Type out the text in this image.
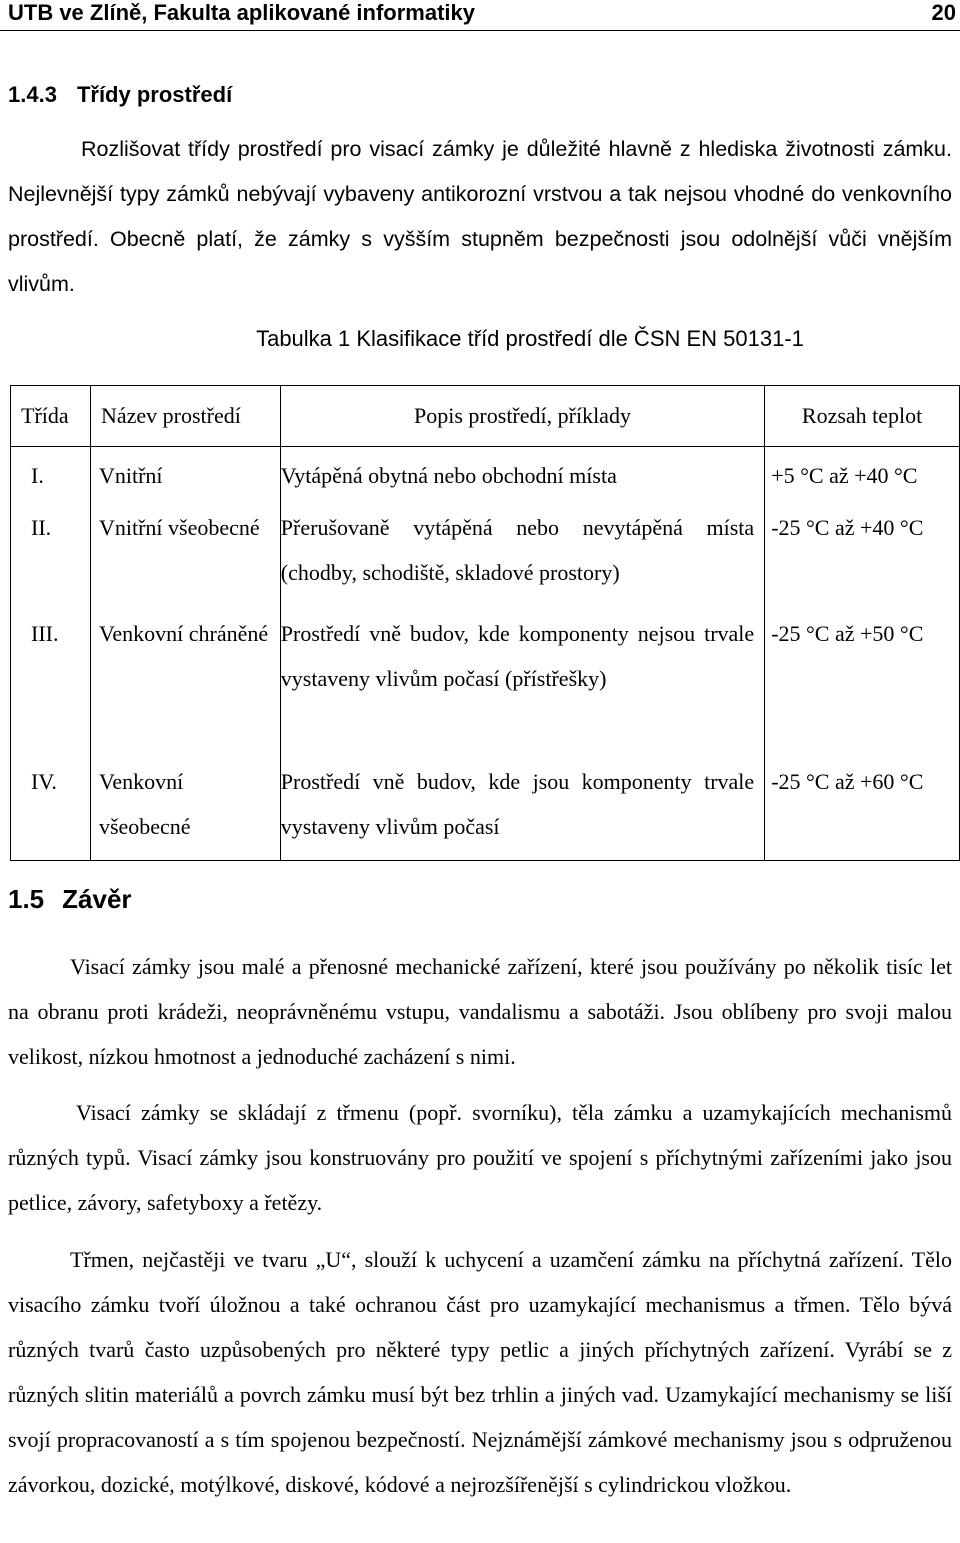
UTB ve Zlíně, Fakulta aplikované informatiky	20
1.4.3 Třídy prostředí

Rozlišovat třídy prostředí pro visací zámky je důležité hlavně z hlediska životnosti zámku. Nejlevnější typy zámků nebývají vybaveny antikorozní vrstvou a tak nejsou vhodné do venkovního prostředí. Obecně platí, že zámky s vyšším stupněm bezpečnosti jsou odolnější vůči vnějším vlivům.

Tabulka 1 Klasifikace tříd prostředí dle ČSN EN 50131-1
Třída	Název prostředí	Popis prostředí, příklady	Rozsah teplot
I.	Vnitřní	Vytápěná obytná nebo obchodní místa	+5 °C až +40 °C
II.	Vnitřní všeobecné	Přerušovaně vytápěná nebo nevytápěná místa (chodby, schodiště, skladové prostory)	-25 °C až +40 °C
III.	Venkovní chráněné	Prostředí vně budov, kde komponenty nejsou trvale vystaveny vlivům počasí (přístřešky)	-25 °C až +50 °C
IV.	Venkovní všeobecné	Prostředí vně budov, kde jsou komponenty trvale vystaveny vlivům počasí	-25 °C až +60 °C
1.5 Závěr

Visací zámky jsou malé a přenosné mechanické zařízení, které jsou používány po několik tisíc let na obranu proti krádeži, neoprávněnému vstupu, vandalismu a sabotáži. Jsou oblíbeny pro svoji malou velikost, nízkou hmotnost a jednoduché zacházení s nimi.

Visací zámky se skládají z třmenu (popř. svorníku), těla zámku a uzamykajících mechanismů různých typů. Visací zámky jsou konstruovány pro použití ve spojení s příchytnými zařízeními jako jsou petlice, závory, safetyboxy a řetězy.

Třmen, nejčastěji ve tvaru „U“, slouží k uchycení a uzamčení zámku na příchytná zařízení. Tělo visacího zámku tvoří úložnou a také ochranou část pro uzamykající mechanismus a třmen. Tělo bývá různých tvarů často uzpůsobených pro některé typy petlic a jiných příchytných zařízení. Vyrábí se z různých slitin materiálů a povrch zámku musí být bez trhlin a jiných vad. Uzamykající mechanismy se liší svojí propracovaností a s tím spojenou bezpečností. Nejznámější zámkové mechanismy jsou s odpruženou závorkou, dozické, motýlkové, diskové, kódové a nejrozšířenější s cylindrickou vložkou.
